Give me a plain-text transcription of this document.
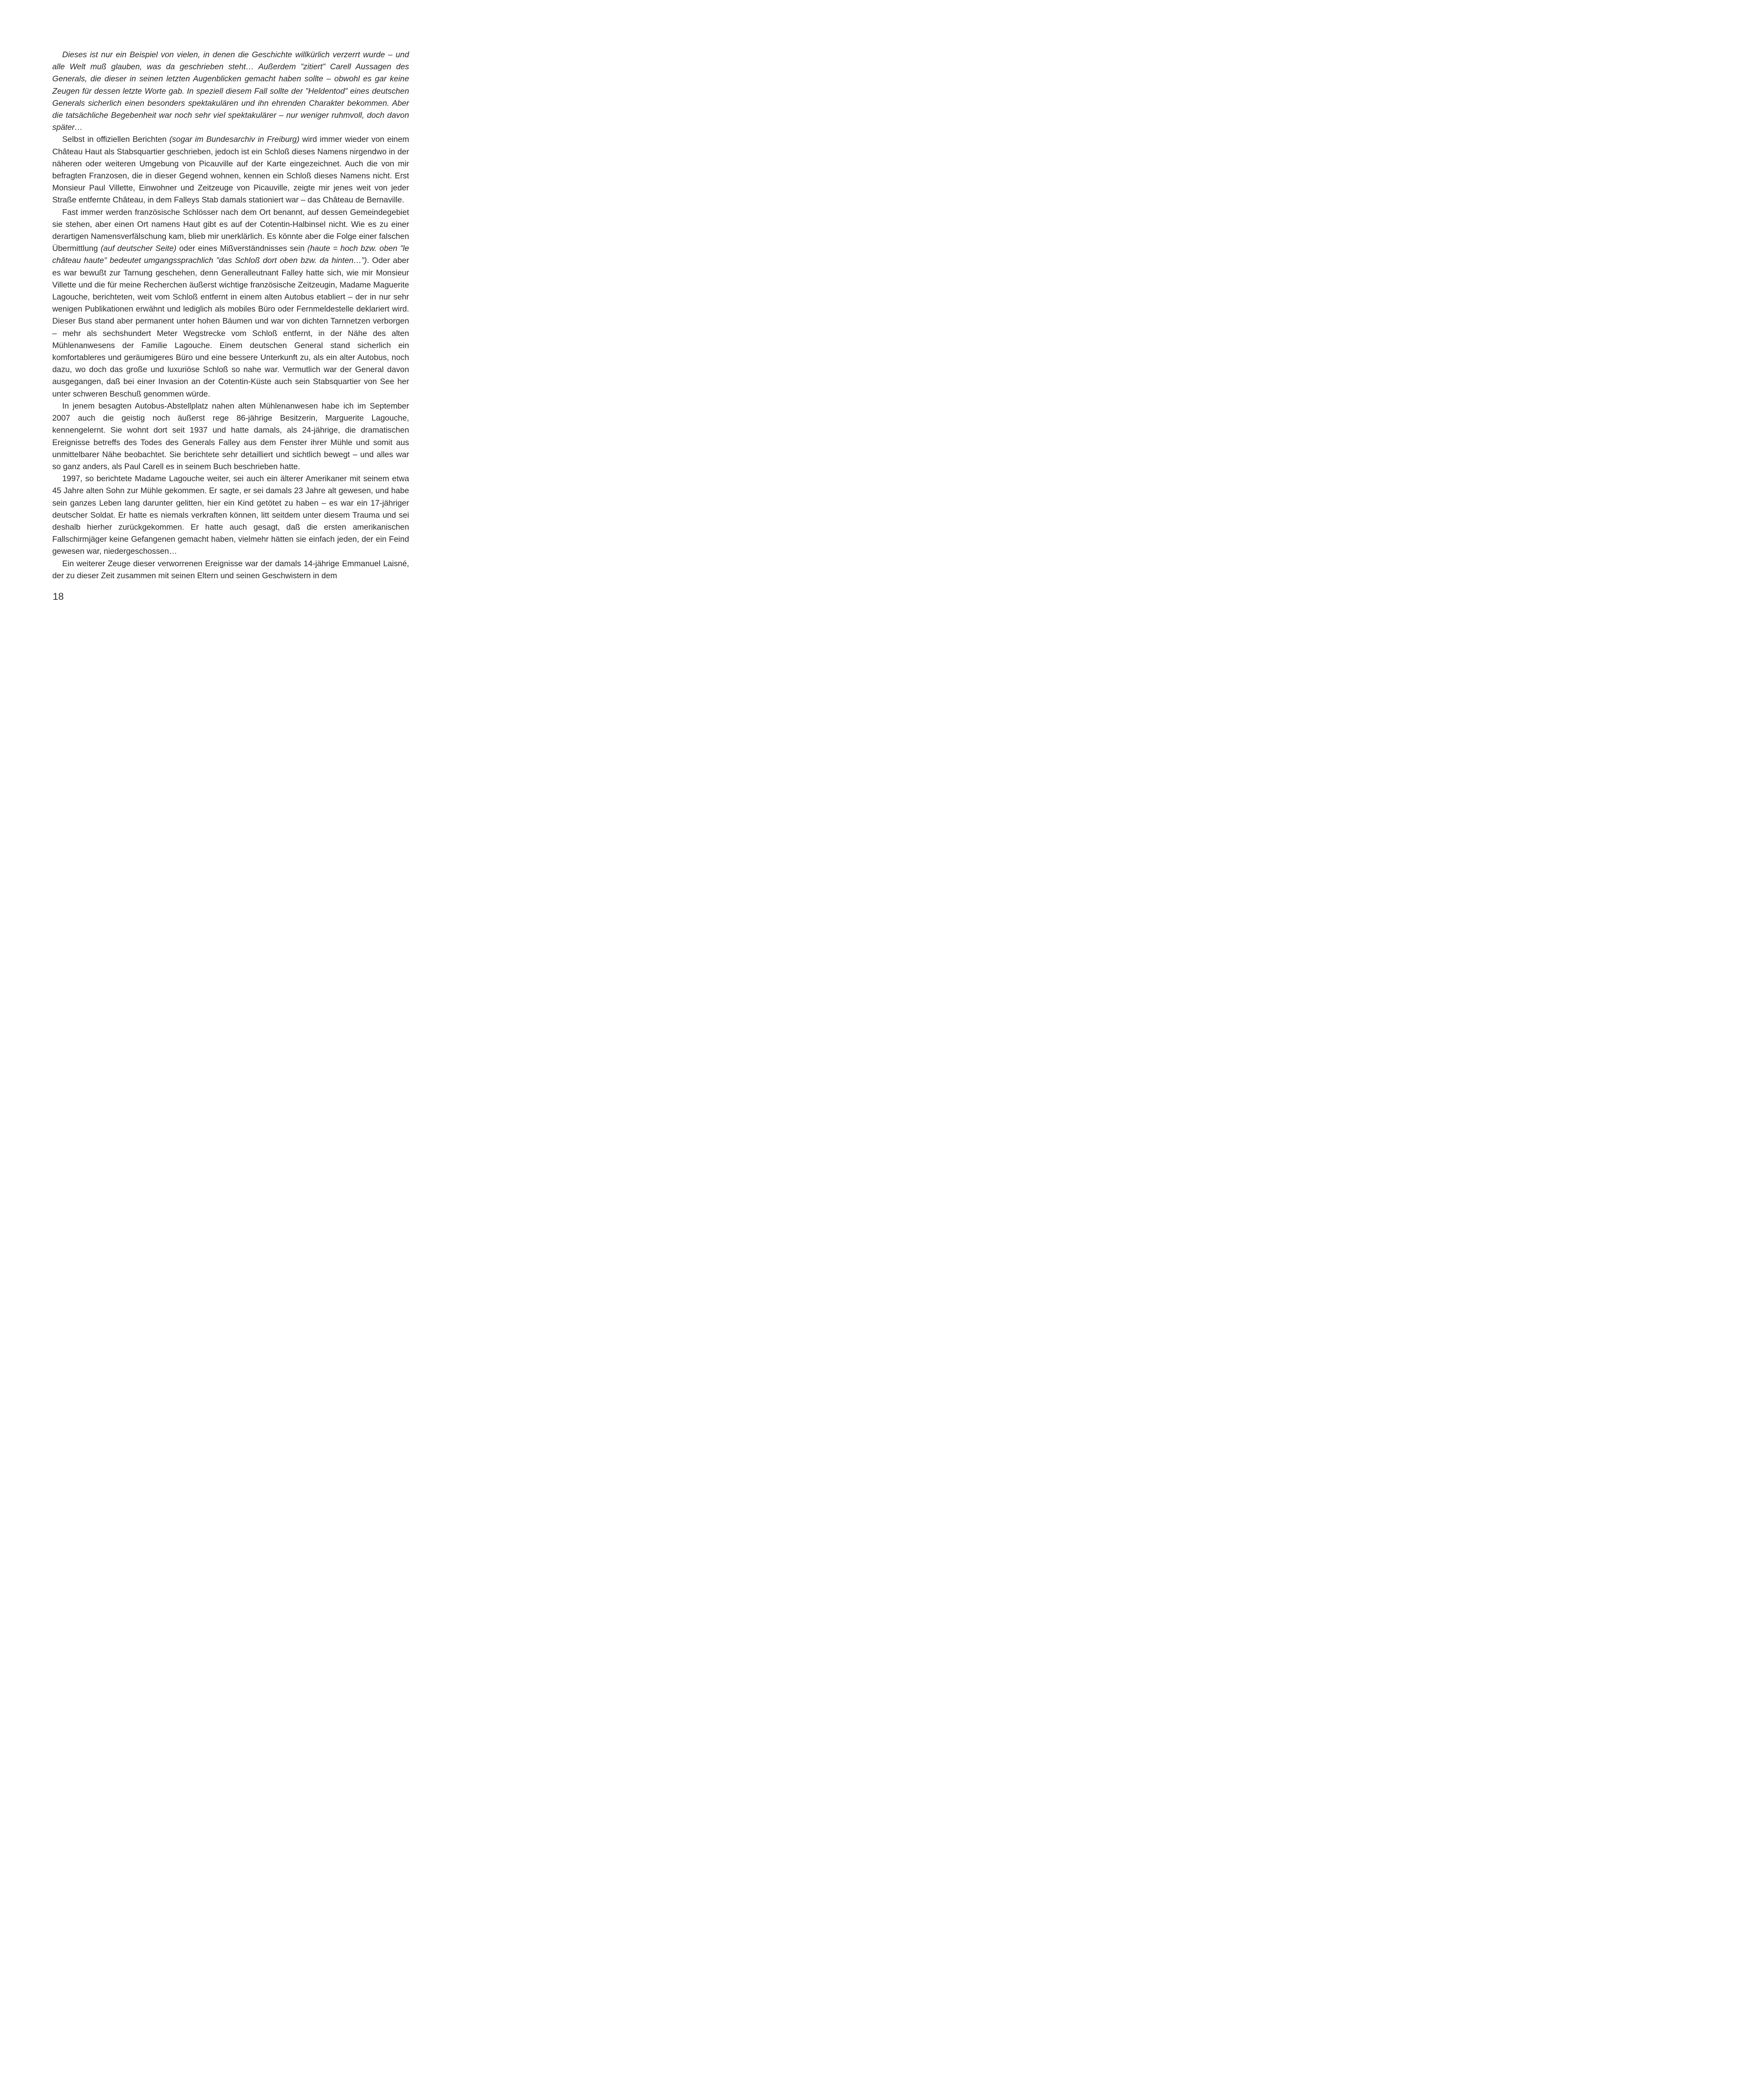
Dieses ist nur ein Beispiel von vielen, in denen die Geschichte willkürlich verzerrt wurde – und alle Welt muß glauben, was da geschrieben steht… Außerdem ”zitiert” Carell Aussagen des Generals, die dieser in seinen letzten Augenblicken gemacht haben sollte – obwohl es gar keine Zeugen für dessen letzte Worte gab. In speziell diesem Fall sollte der ”Heldentod” eines deutschen Generals sicherlich einen besonders spektakulären und ihn ehrenden Charakter bekommen. Aber die tatsächliche Begebenheit war noch sehr viel spektakulärer – nur weniger ruhmvoll, doch davon später…

Selbst in offiziellen Berichten (sogar im Bundesarchiv in Freiburg) wird immer wieder von einem Château Haut als Stabsquartier geschrieben, jedoch ist ein Schloß dieses Namens nirgendwo in der näheren oder weiteren Umgebung von Picauville auf der Karte eingezeichnet. Auch die von mir befragten Franzosen, die in dieser Gegend wohnen, kennen ein Schloß dieses Namens nicht. Erst Monsieur Paul Villette, Einwohner und Zeitzeuge von Picauville, zeigte mir jenes weit von jeder Straße entfernte Château, in dem Falleys Stab damals stationiert war – das Château de Bernaville.

Fast immer werden französische Schlösser nach dem Ort benannt, auf dessen Gemeindegebiet sie stehen, aber einen Ort namens Haut gibt es auf der Cotentin-Halbinsel nicht. Wie es zu einer derartigen Namensverfälschung kam, blieb mir unerklärlich. Es könnte aber die Folge einer falschen Übermittlung (auf deutscher Seite) oder eines Mißverständnisses sein (haute = hoch bzw. oben ”le château haute” bedeutet umgangssprachlich ”das Schloß dort oben bzw. da hinten…”). Oder aber es war bewußt zur Tarnung geschehen, denn Generalleutnant Falley hatte sich, wie mir Monsieur Villette und die für meine Recherchen äußerst wichtige französische Zeitzeugin, Madame Maguerite Lagouche, berichteten, weit vom Schloß entfernt in einem alten Autobus etabliert – der in nur sehr wenigen Publikationen erwähnt und lediglich als mobiles Büro oder Fernmeldestelle deklariert wird. Dieser Bus stand aber permanent unter hohen Bäumen und war von dichten Tarnnetzen verborgen – mehr als sechshundert Meter Wegstrecke vom Schloß entfernt, in der Nähe des alten Mühlenanwesens der Familie Lagouche. Einem deutschen General stand sicherlich ein komfortableres und geräumigeres Büro und eine bessere Unterkunft zu, als ein alter Autobus, noch dazu, wo doch das große und luxuriöse Schloß so nahe war. Vermutlich war der General davon ausgegangen, daß bei einer Invasion an der Cotentin-Küste auch sein Stabsquartier von See her unter schweren Beschuß genommen würde.

In jenem besagten Autobus-Abstellplatz nahen alten Mühlenanwesen habe ich im September 2007 auch die geistig noch äußerst rege 86-jährige Besitzerin, Marguerite Lagouche, kennengelernt. Sie wohnt dort seit 1937 und hatte damals, als 24-jährige, die dramatischen Ereignisse betreffs des Todes des Generals Falley aus dem Fenster ihrer Mühle und somit aus unmittelbarer Nähe beobachtet. Sie berichtete sehr detailliert und sichtlich bewegt – und alles war so ganz anders, als Paul Carell es in seinem Buch beschrieben hatte.

1997, so berichtete Madame Lagouche weiter, sei auch ein älterer Amerikaner mit seinem etwa 45 Jahre alten Sohn zur Mühle gekommen. Er sagte, er sei damals 23 Jahre alt gewesen, und habe sein ganzes Leben lang darunter gelitten, hier ein Kind getötet zu haben – es war ein 17-jähriger deutscher Soldat. Er hatte es niemals verkraften können, litt seitdem unter diesem Trauma und sei deshalb hierher zurückgekommen. Er hatte auch gesagt, daß die ersten amerikanischen Fallschirmjäger keine Gefangenen gemacht haben, vielmehr hätten sie einfach jeden, der ein Feind gewesen war, niedergeschossen…

Ein weiterer Zeuge dieser verworrenen Ereignisse war der damals 14-jährige Emmanuel Laisné, der zu dieser Zeit zusammen mit seinen Eltern und seinen Geschwistern in dem

18
